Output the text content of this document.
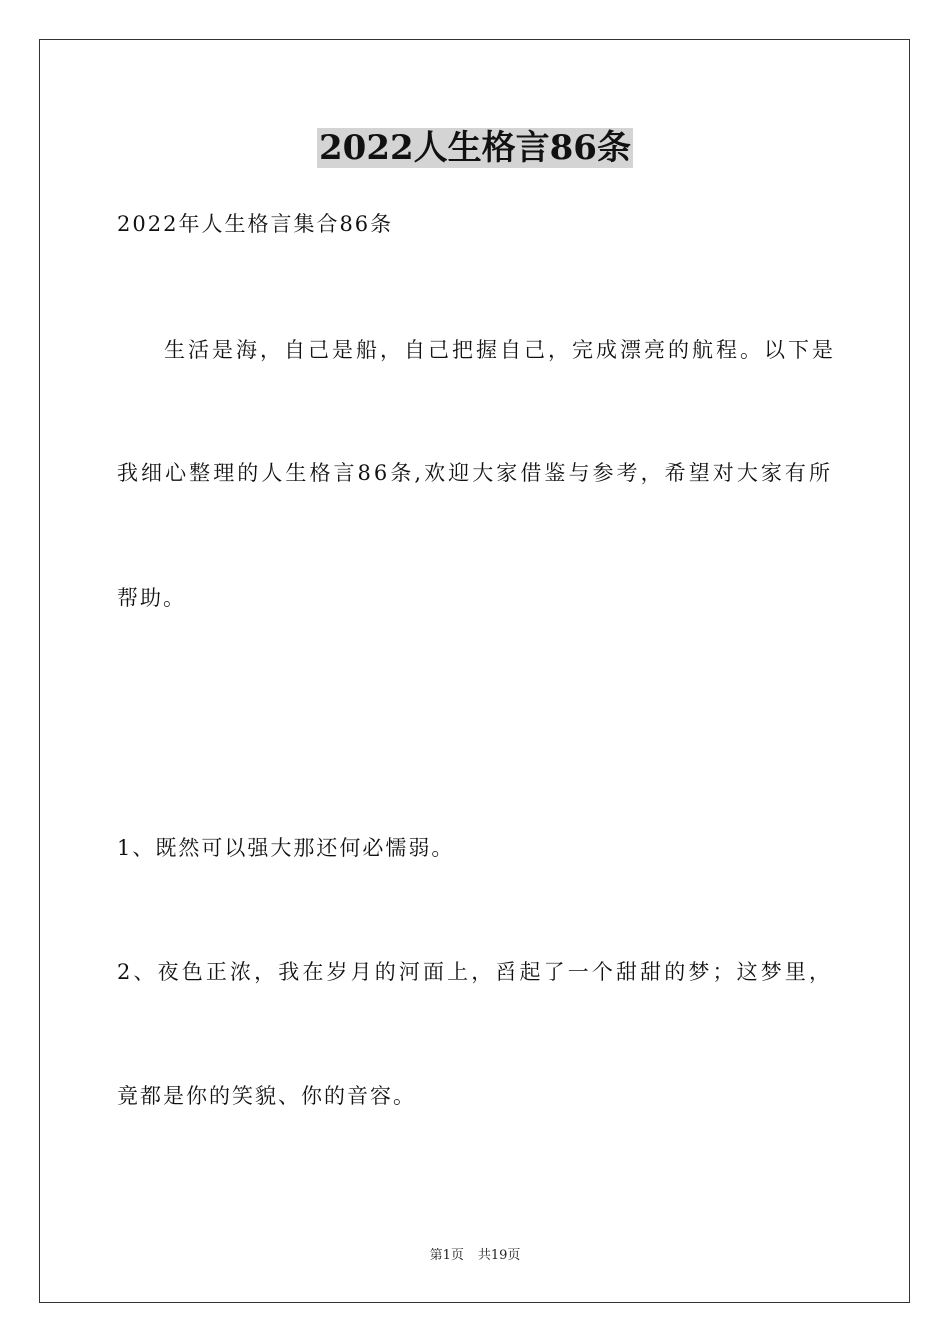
2022人生格言86条
2022年人生格言集合86条
生活是海，自己是船，自己把握自己，完成漂亮的航程。以下是
我细心整理的人生格言86条,欢迎大家借鉴与参考，希望对大家有所
帮助。
1、既然可以强大那还何必懦弱。
2、夜色正浓，我在岁月的河面上，舀起了一个甜甜的梦；这梦里，
竟都是你的笑貌、你的音容。
第1页 共19页
